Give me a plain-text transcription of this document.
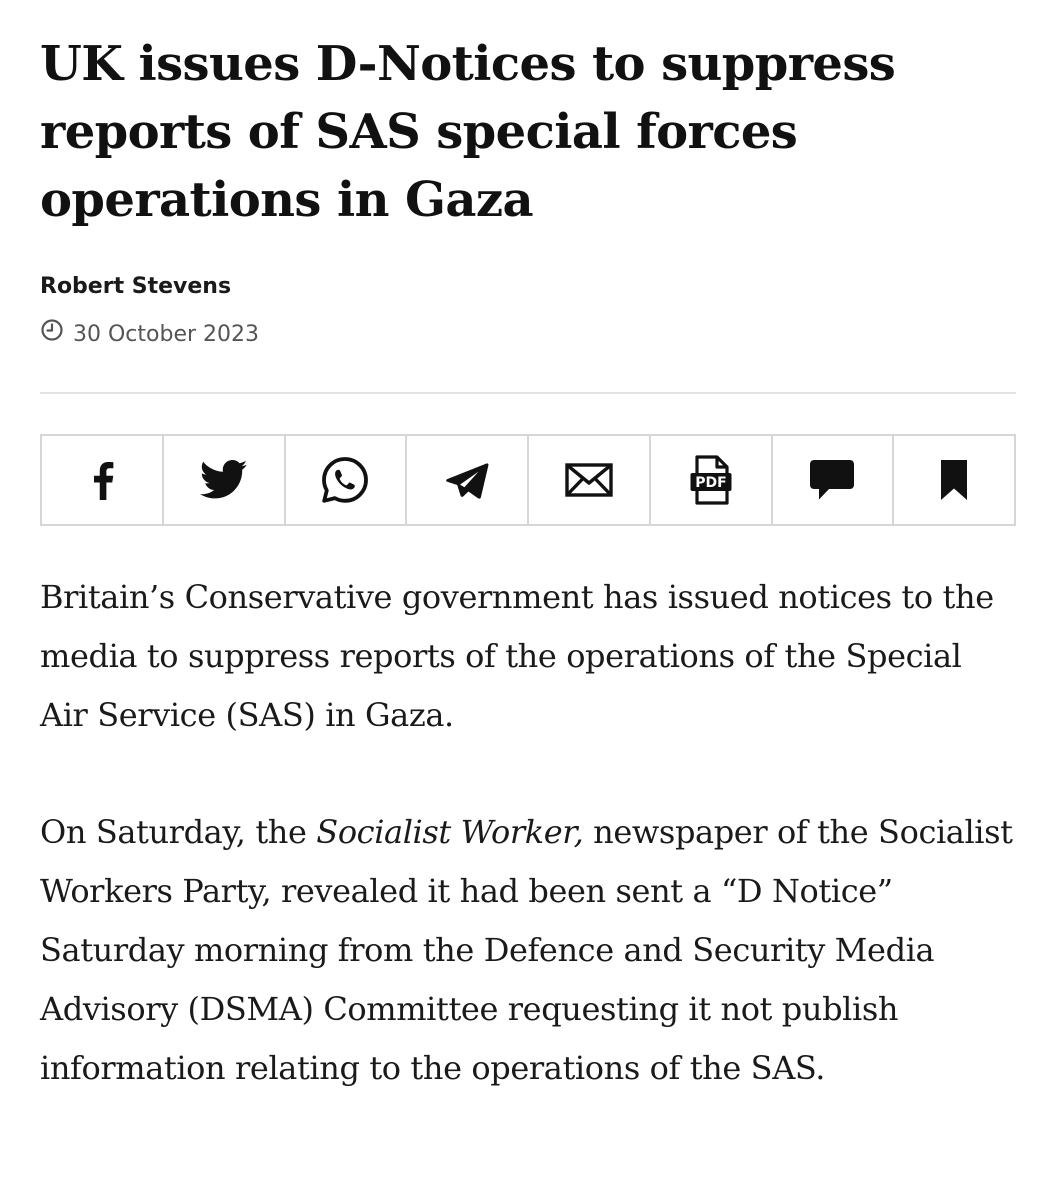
UK issues D-Notices to suppress reports of SAS special forces operations in Gaza
Robert Stevens
30 October 2023
PDF

Britain’s Conservative government has issued notices to the media to suppress reports of the operations of the Special Air Service (SAS) in Gaza.

On Saturday, the Socialist Worker, newspaper of the Socialist Workers Party, revealed it had been sent a “D Notice” Saturday morning from the Defence and Security Media Advisory (DSMA) Committee requesting it not publish information relating to the operations of the SAS.
